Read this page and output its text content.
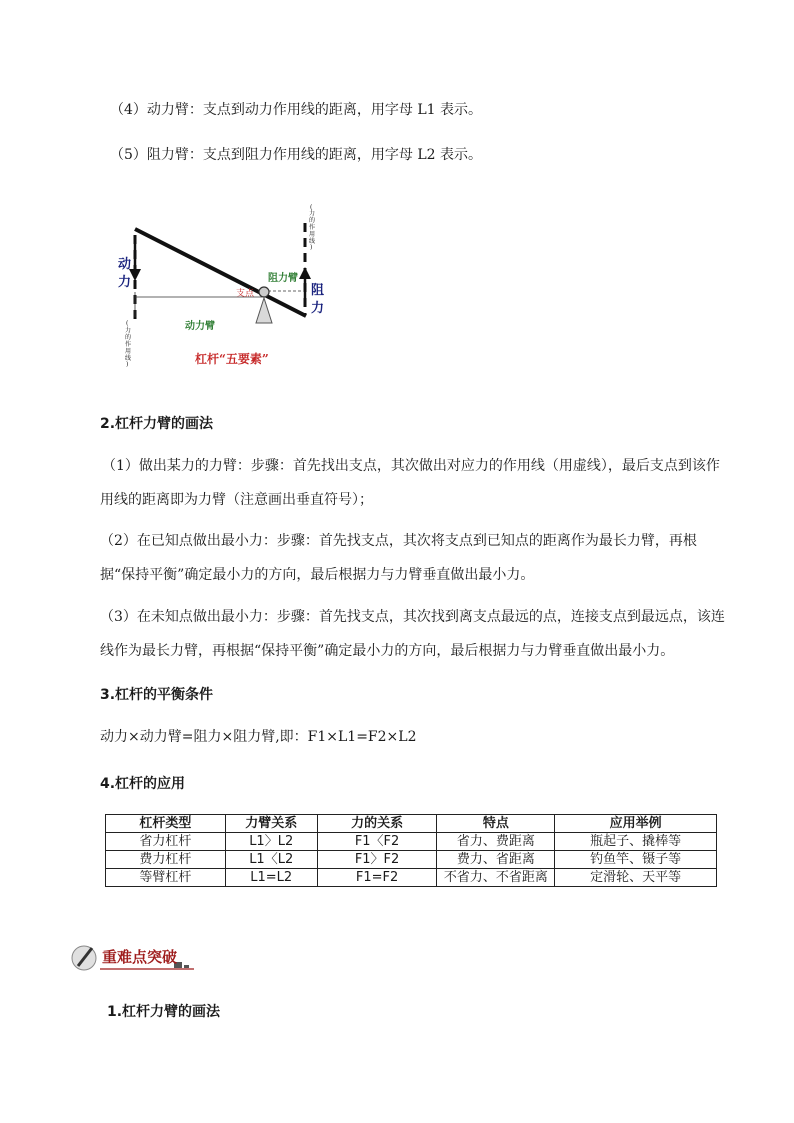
（4）动力臂：支点到动力作用线的距离，用字母 L1 表示。
（5）阻力臂：支点到阻力作用线的距离，用字母 L2 表示。
动
力
阻
力
阻力臂
动力臂
支点
杠杆“五要素”
(
力
的
作
用
线
)
(
力
的
作
用
线
)
2.杠杆力臂的画法
（1）做出某力的力臂：步骤：首先找出支点，其次做出对应力的作用线（用虚线），最后支点到该作用线的距离即为力臂（注意画出垂直符号）；
（2）在已知点做出最小力：步骤：首先找支点，其次将支点到已知点的距离作为最长力臂，再根据“保持平衡”确定最小力的方向，最后根据力与力臂垂直做出最小力。
（3）在未知点做出最小力：步骤：首先找支点，其次找到离支点最远的点，连接支点到最远点，该连线作为最长力臂，再根据“保持平衡”确定最小力的方向，最后根据力与力臂垂直做出最小力。
3.杠杆的平衡条件
动力×动力臂=阻力×阻力臂,即：F1×L1=F2×L2
4.杠杆的应用
杠杆类型	力臂关系	力的关系	特点	应用举例
省力杠杆	L1〉L2	F1〈F2	省力、费距离	瓶起子、撬棒等
费力杠杆	L1〈L2	F1〉F2	费力、省距离	钓鱼竿、镊子等
等臂杠杆	L1=L2	F1=F2	不省力、不省距离	定滑轮、天平等
重难点突破
1.杠杆力臂的画法
